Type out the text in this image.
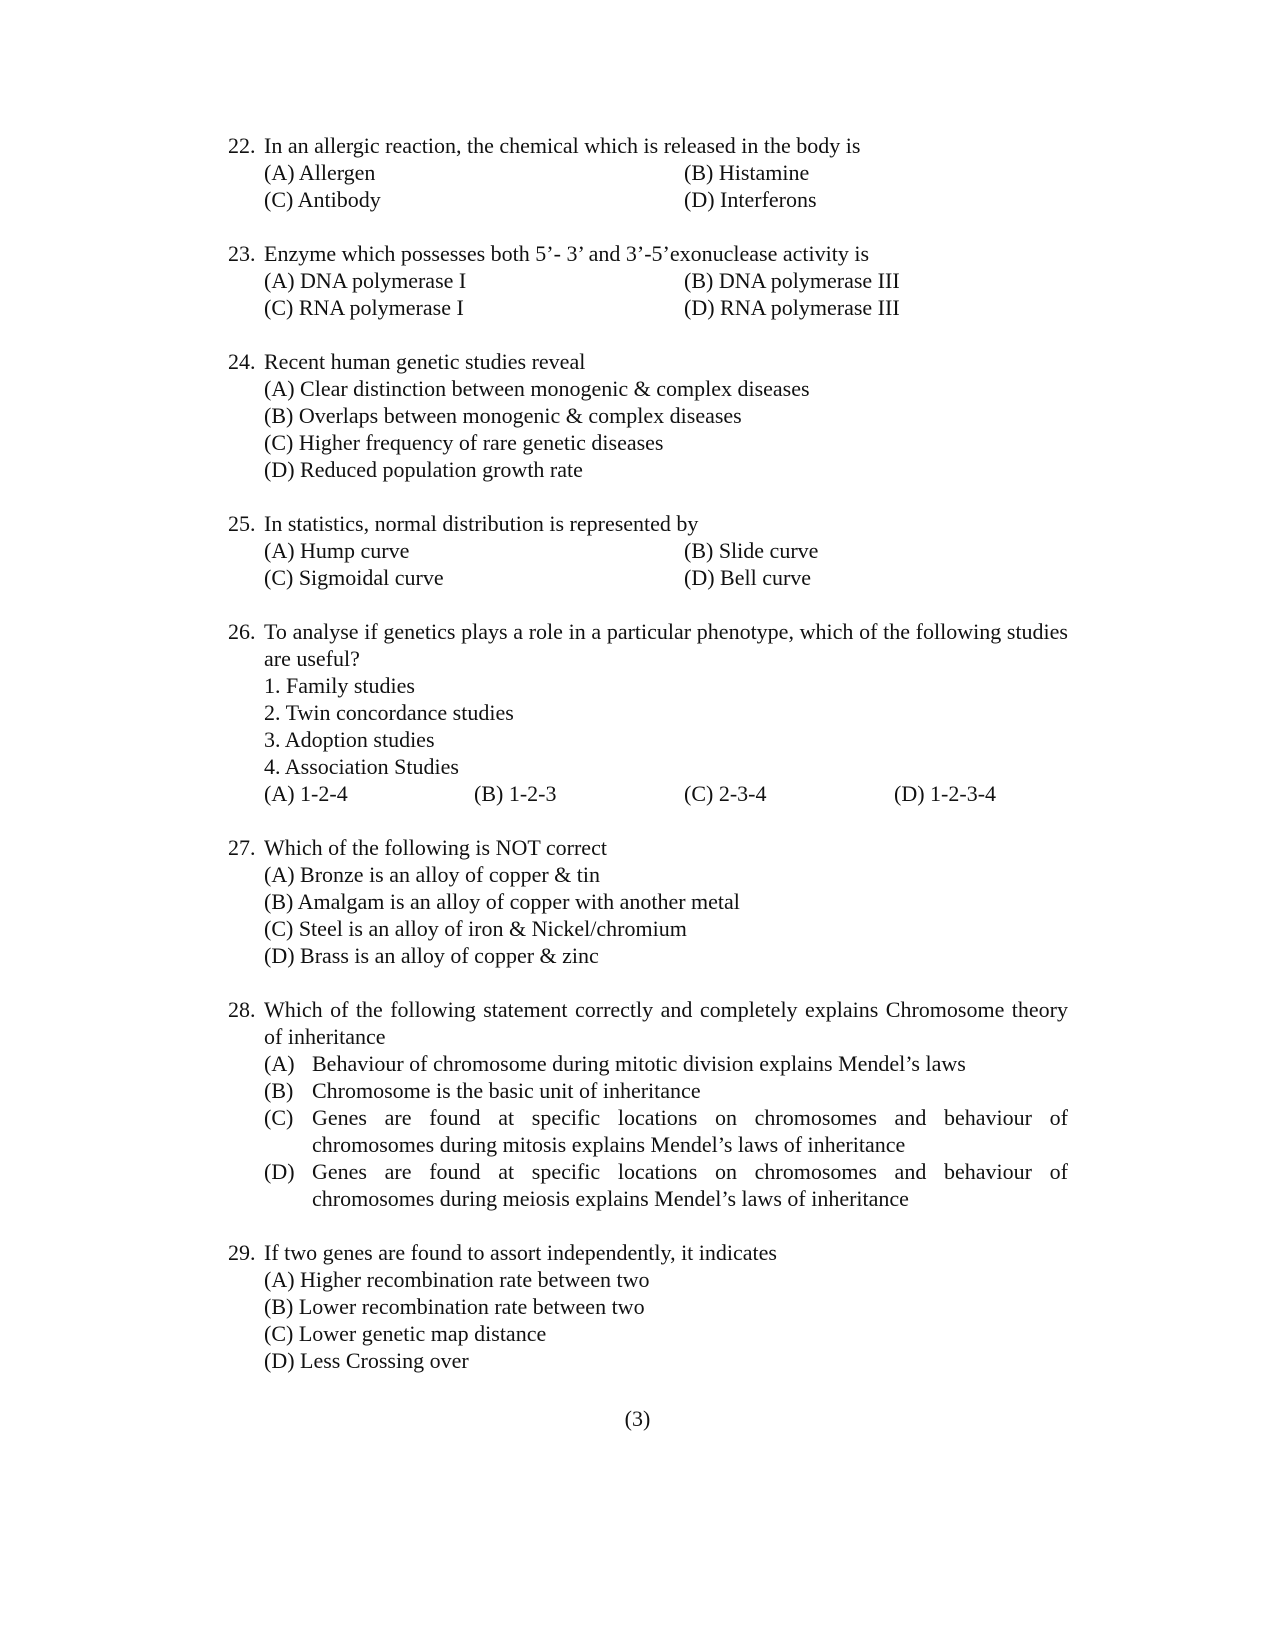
22. In an allergic reaction, the chemical which is released in the body is
(A) Allergen	(B) Histamine
(C) Antibody	(D) Interferons
23. Enzyme which possesses both 5’- 3’ and 3’-5’exonuclease activity is
(A) DNA polymerase I	(B) DNA polymerase III
(C) RNA polymerase I	(D) RNA polymerase III
24. Recent human genetic studies reveal
(A) Clear distinction between monogenic & complex diseases
(B) Overlaps between monogenic & complex diseases
(C) Higher frequency of rare genetic diseases
(D) Reduced population growth rate
25. In statistics, normal distribution is represented by
(A) Hump curve	(B) Slide curve
(C) Sigmoidal curve	(D) Bell curve
26. To analyse if genetics plays a role in a particular phenotype, which of the following studies are useful?
1. Family studies
2. Twin concordance studies
3. Adoption studies
4. Association Studies
(A) 1-2-4	(B) 1-2-3	(C) 2-3-4	(D) 1-2-3-4
27. Which of the following is NOT correct
(A) Bronze is an alloy of copper & tin
(B) Amalgam is an alloy of copper with another metal
(C) Steel is an alloy of iron & Nickel/chromium
(D) Brass is an alloy of copper & zinc
28. Which of the following statement correctly and completely explains Chromosome theory of inheritance
(A) Behaviour of chromosome during mitotic division explains Mendel’s laws
(B) Chromosome is the basic unit of inheritance
(C) Genes are found at specific locations on chromosomes and behaviour of chromosomes during mitosis explains Mendel’s laws of inheritance
(D) Genes are found at specific locations on chromosomes and behaviour of chromosomes during meiosis explains Mendel’s laws of inheritance
29. If two genes are found to assort independently, it indicates
(A) Higher recombination rate between two
(B) Lower recombination rate between two
(C) Lower genetic map distance
(D) Less Crossing over
(3)
